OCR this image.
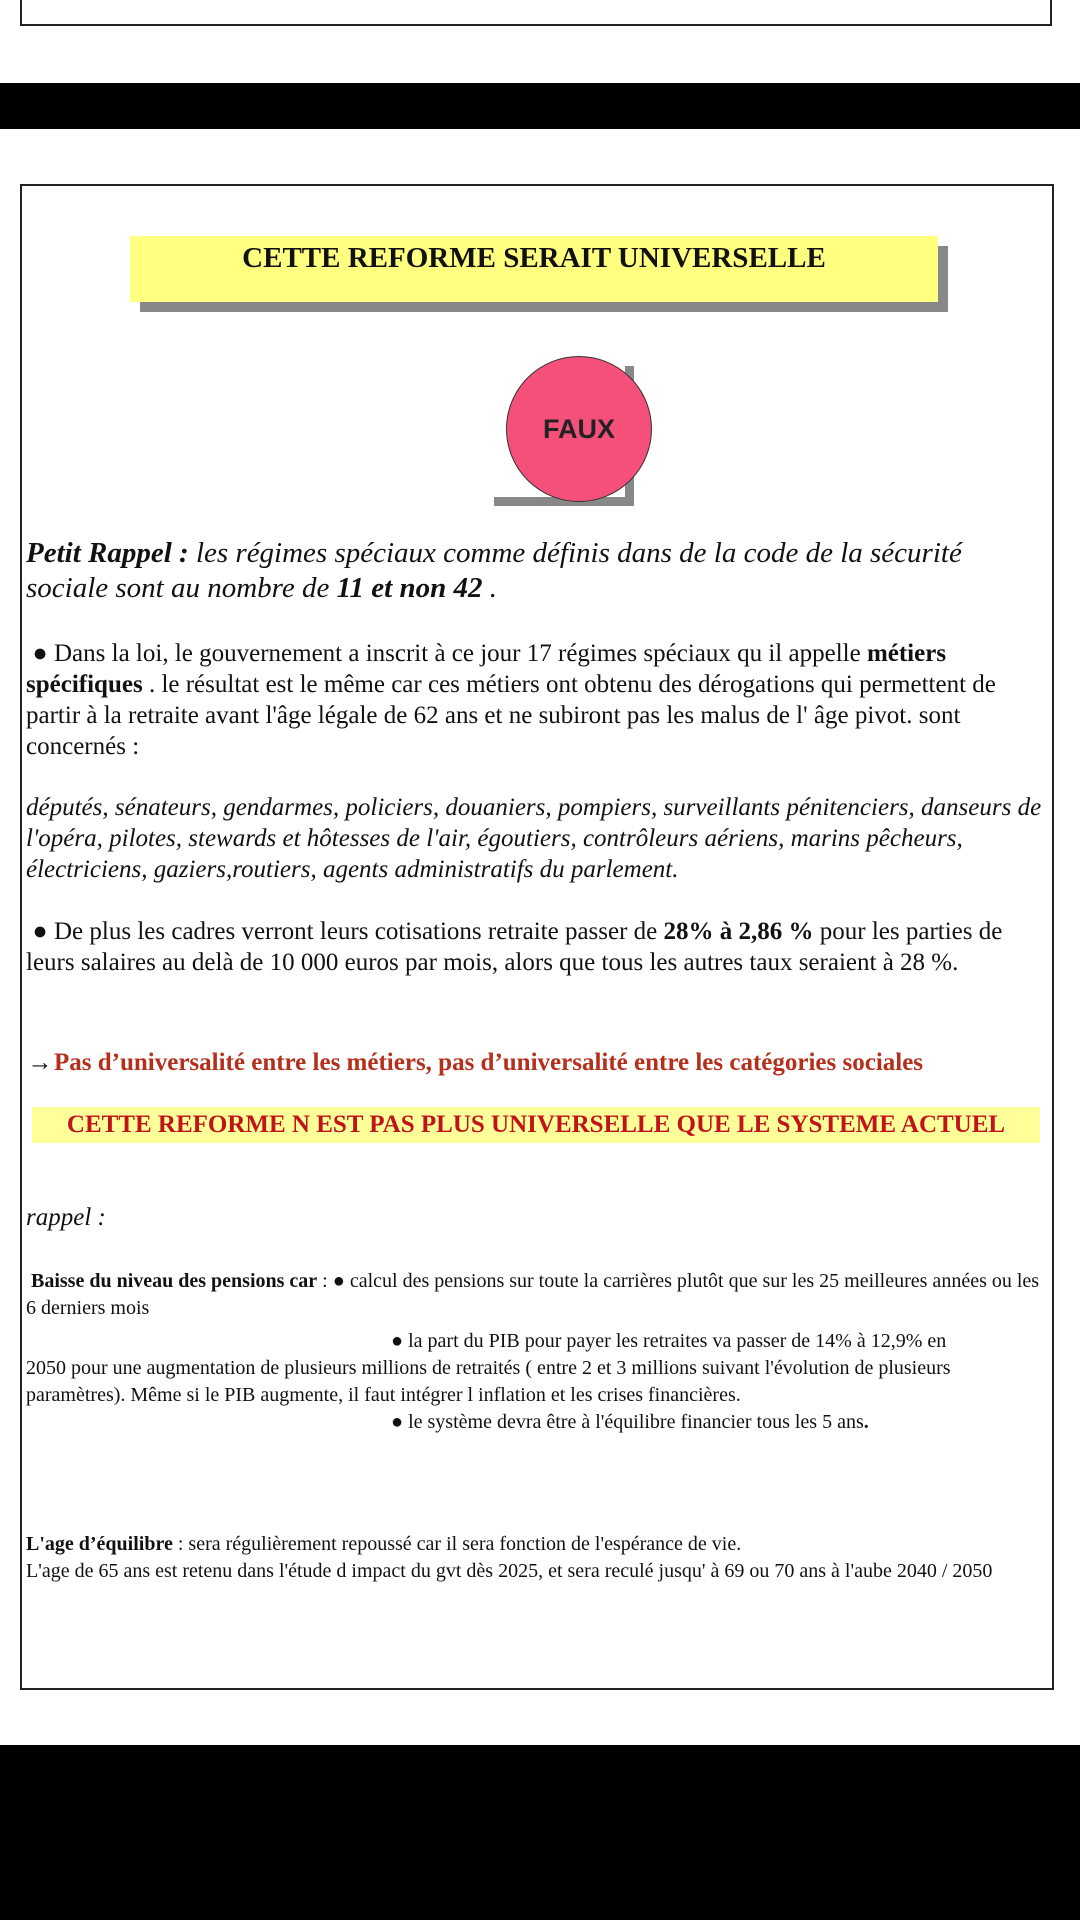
CETTE REFORME SERAIT UNIVERSELLE
FAUX
Petit Rappel : les régimes spéciaux comme définis dans de la code de la sécurité sociale sont au nombre de 11 et non 42 .
● Dans la loi, le gouvernement a inscrit à ce jour 17 régimes spéciaux qu il appelle métiers spécifiques . le résultat est le même car ces métiers ont obtenu des dérogations qui permettent de partir à la retraite avant l'âge légale de 62 ans et ne subiront pas les malus de l' âge pivot. sont concernés :
députés, sénateurs, gendarmes, policiers, douaniers, pompiers, surveillants pénitenciers, danseurs de l'opéra, pilotes, stewards et hôtesses de l'air, égoutiers, contrôleurs aériens, marins pêcheurs, électriciens, gaziers,routiers, agents administratifs du parlement.
● De plus les cadres verront leurs cotisations retraite passer de 28% à 2,86 % pour les parties de leurs salaires au delà de 10 000 euros par mois, alors que tous les autres taux seraient à 28 %.
→Pas d’universalité entre les métiers, pas d’universalité entre les catégories sociales
CETTE REFORME N EST PAS PLUS UNIVERSELLE QUE LE SYSTEME ACTUEL
rappel :
Baisse du niveau des pensions car : ● calcul des pensions sur toute la carrières plutôt que sur les 25 meilleures années ou les 6 derniers mois
● la part du PIB pour payer les retraites va passer de 14% à 12,9% en
2050 pour une augmentation de plusieurs millions de retraités ( entre 2 et 3 millions suivant l'évolution de plusieurs paramètres). Même si le PIB augmente, il faut intégrer l inflation et les crises financières.
● le système devra être à l'équilibre financier tous les 5 ans.
L'age d’équilibre : sera régulièrement repoussé car il sera fonction de l'espérance de vie.
L'age de 65 ans est retenu dans l'étude d impact du gvt dès 2025, et sera reculé jusqu' à 69 ou 70 ans à l'aube 2040 / 2050
